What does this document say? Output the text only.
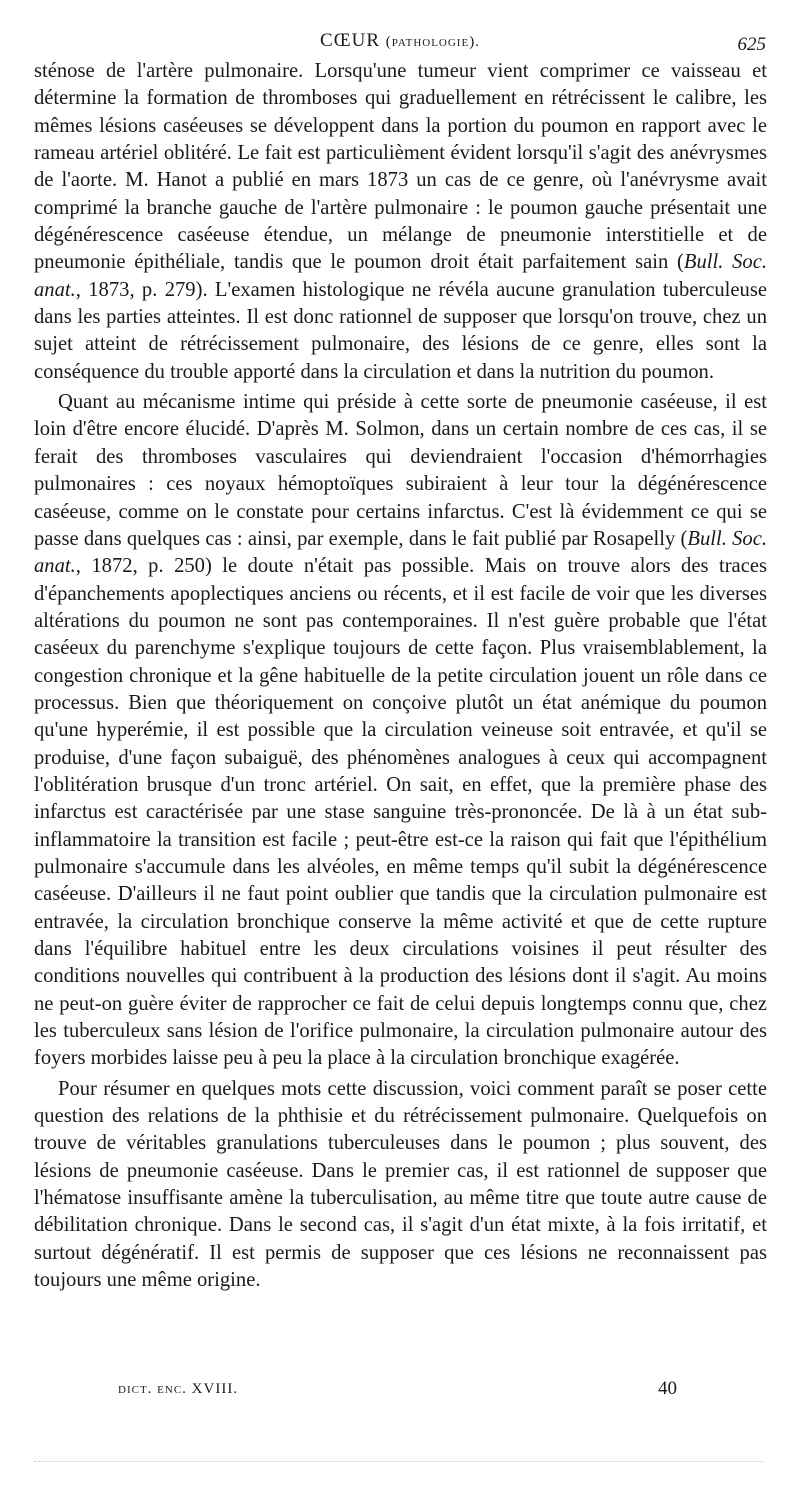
CŒUR (pathologie).	625

sténose de l'artère pulmonaire. Lorsqu'une tumeur vient comprimer ce vaisseau et détermine la formation de thromboses qui graduellement en rétrécissent le calibre, les mêmes lésions caséeuses se développent dans la portion du poumon en rapport avec le rameau artériel oblitéré. Le fait est particulièment évident lorsqu'il s'agit des anévrysmes de l'aorte. M. Hanot a publié en mars 1873 un cas de ce genre, où l'anévrysme avait comprimé la branche gauche de l'artère pulmonaire : le poumon gauche présentait une dégénérescence caséeuse étendue, un mélange de pneumonie interstitielle et de pneumonie épithéliale, tandis que le poumon droit était parfaitement sain (Bull. Soc. anat., 1873, p. 279). L'examen histologique ne révéla aucune granulation tuberculeuse dans les parties atteintes. Il est donc rationnel de supposer que lorsqu'on trouve, chez un sujet atteint de rétrécissement pulmonaire, des lésions de ce genre, elles sont la conséquence du trouble apporté dans la circulation et dans la nutrition du poumon.

Quant au mécanisme intime qui préside à cette sorte de pneumonie caséeuse, il est loin d'être encore élucidé. D'après M. Solmon, dans un certain nombre de ces cas, il se ferait des thromboses vasculaires qui deviendraient l'occasion d'hémorrhagies pulmonaires : ces noyaux hémoptoïques subiraient à leur tour la dégénérescence caséeuse, comme on le constate pour certains infarctus. C'est là évidemment ce qui se passe dans quelques cas : ainsi, par exemple, dans le fait publié par Rosapelly (Bull. Soc. anat., 1872, p. 250) le doute n'était pas possible. Mais on trouve alors des traces d'épanchements apoplectiques anciens ou récents, et il est facile de voir que les diverses altérations du poumon ne sont pas contemporaines. Il n'est guère probable que l'état caséeux du parenchyme s'explique toujours de cette façon. Plus vraisemblablement, la congestion chronique et la gêne habituelle de la petite circulation jouent un rôle dans ce processus. Bien que théoriquement on conçoive plutôt un état anémique du poumon qu'une hyperémie, il est possible que la circulation veineuse soit entravée, et qu'il se produise, d'une façon subaiguë, des phénomènes analogues à ceux qui accompagnent l'oblitération brusque d'un tronc artériel. On sait, en effet, que la première phase des infarctus est caractérisée par une stase sanguine très-prononcée. De là à un état sub-inflammatoire la transition est facile ; peut-être est-ce la raison qui fait que l'épithélium pulmonaire s'accumule dans les alvéoles, en même temps qu'il subit la dégénérescence caséeuse. D'ailleurs il ne faut point oublier que tandis que la circulation pulmonaire est entravée, la circulation bronchique conserve la même activité et que de cette rupture dans l'équilibre habituel entre les deux circulations voisines il peut résulter des conditions nouvelles qui contribuent à la production des lésions dont il s'agit. Au moins ne peut-on guère éviter de rapprocher ce fait de celui depuis longtemps connu que, chez les tuberculeux sans lésion de l'orifice pulmonaire, la circulation pulmonaire autour des foyers morbides laisse peu à peu la place à la circulation bronchique exagérée.

Pour résumer en quelques mots cette discussion, voici comment paraît se poser cette question des relations de la phthisie et du rétrécissement pulmonaire. Quelquefois on trouve de véritables granulations tuberculeuses dans le poumon ; plus souvent, des lésions de pneumonie caséeuse. Dans le premier cas, il est rationnel de supposer que l'hématose insuffisante amène la tuberculisation, au même titre que toute autre cause de débilitation chronique. Dans le second cas, il s'agit d'un état mixte, à la fois irritatif, et surtout dégénératif. Il est permis de supposer que ces lésions ne reconnaissent pas toujours une même origine.

dict. enc. XVIII.	40
